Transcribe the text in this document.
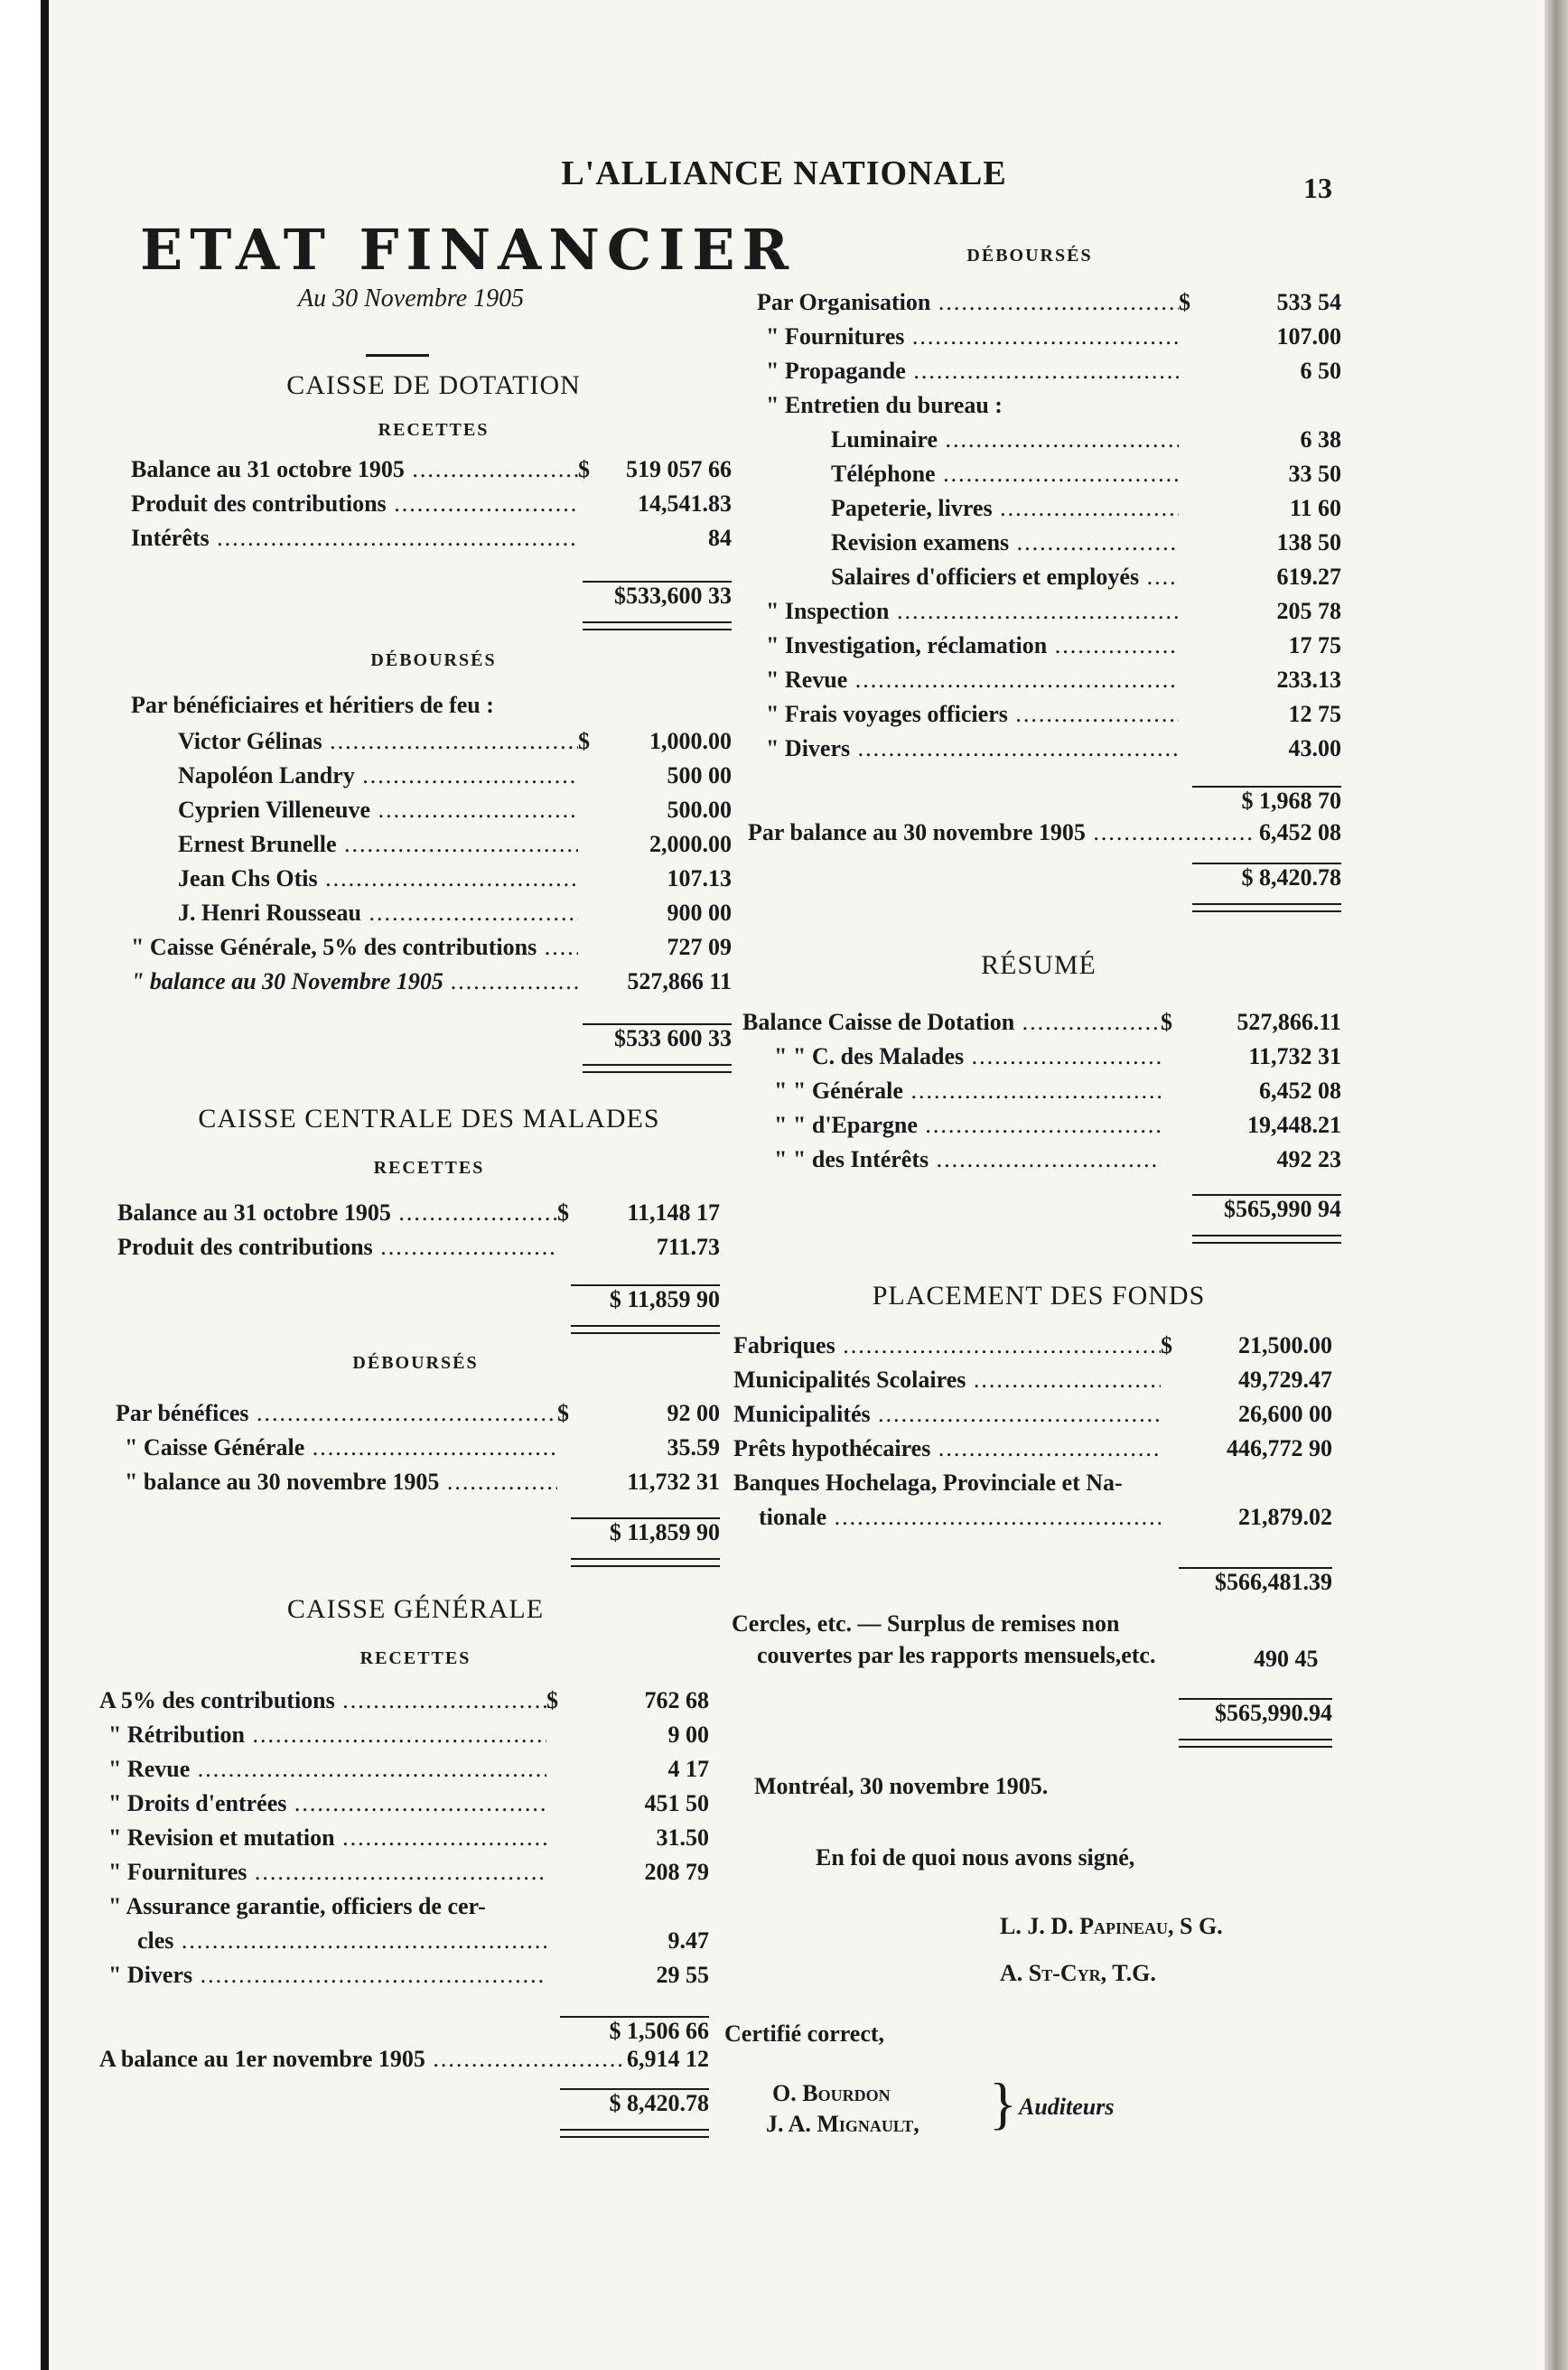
L'ALLIANCE NATIONALE	13
ETAT FINANCIER
Au 30 Novembre 1905
CAISSE DE DOTATION
RECETTES
Balance au 31 octobre 1905 .....	$	519 057 66
Produit des contributions .....	14,541.83
Intérêts .....	84
$533,600 33
DÉBOURSÉS
Par bénéficiaires et héritiers de feu :
Victor Gélinas .....	$	1,000.00
Napoléon Landry .....	500 00
Cyprien Villeneuve .....	500.00
Ernest Brunelle .....	2,000.00
Jean Chs Otis .....	107.13
J. Henri Rousseau .....	900 00
" Caisse Générale, 5% des contributions .....	727 09
" balance au 30 Novembre 1905 .....	527,866 11
$533 600 33
CAISSE CENTRALE DES MALADES
RECETTES
Balance au 31 octobre 1905 .....	$	11,148 17
Produit des contributions .....	711.73
$ 11,859 90
DÉBOURSÉS
Par bénéfices .....	$	92 00
" Caisse Générale .....	35.59
" balance au 30 novembre 1905 .....	11,732 31
$ 11,859 90
CAISSE GÉNÉRALE
RECETTES
A 5% des contributions .....	$	762 68
" Rétribution .....	9 00
" Revue .....	4 17
" Droits d'entrées .....	451 50
" Revision et mutation .....	31.50
" Fournitures .....	208 79
" Assurance garantie, officiers de cer-
cles .....	9.47
" Divers .....	29 55
$ 1,506 66
A balance au 1er novembre 1905 .....	6,914 12
$ 8,420.78
DÉBOURSÉS
Par Organisation .....	$	533 54
" Fournitures .....	107.00
" Propagande .....	6 50
" Entretien du bureau :
Luminaire .....	6 38
Téléphone .....	33 50
Papeterie, livres .....	11 60
Revision examens .....	138 50
Salaires d'officiers et employés .....	619.27
" Inspection .....	205 78
" Investigation, réclamation .....	17 75
" Revue .....	233.13
" Frais voyages officiers .....	12 75
" Divers .....	43.00
$ 1,968 70
Par balance au 30 novembre 1905 .....	6,452 08
$ 8,420.78
RÉSUMÉ
Balance Caisse de Dotation .....	$	527,866.11
" " C. des Malades .....	11,732 31
" " Générale .....	6,452 08
" " d'Epargne .....	19,448.21
" " des Intérêts .....	492 23
$565,990 94
PLACEMENT DES FONDS
Fabriques .....	$	21,500.00
Municipalités Scolaires .....	49,729.47
Municipalités .....	26,600 00
Prêts hypothécaires .....	446,772 90
Banques Hochelaga, Provinciale et Na-
tionale .....	21,879.02
$566,481.39
Cercles, etc. — Surplus de remises non
couvertes par les rapports mensuels,etc.	490 45
$565,990.94
Montréal, 30 novembre 1905.
En foi de quoi nous avons signé,
L. J. D. Papineau, S G.
A. St-Cyr, T.G.
Certifié correct,
O. Bourdon
J. A. Mignault, } Auditeurs
